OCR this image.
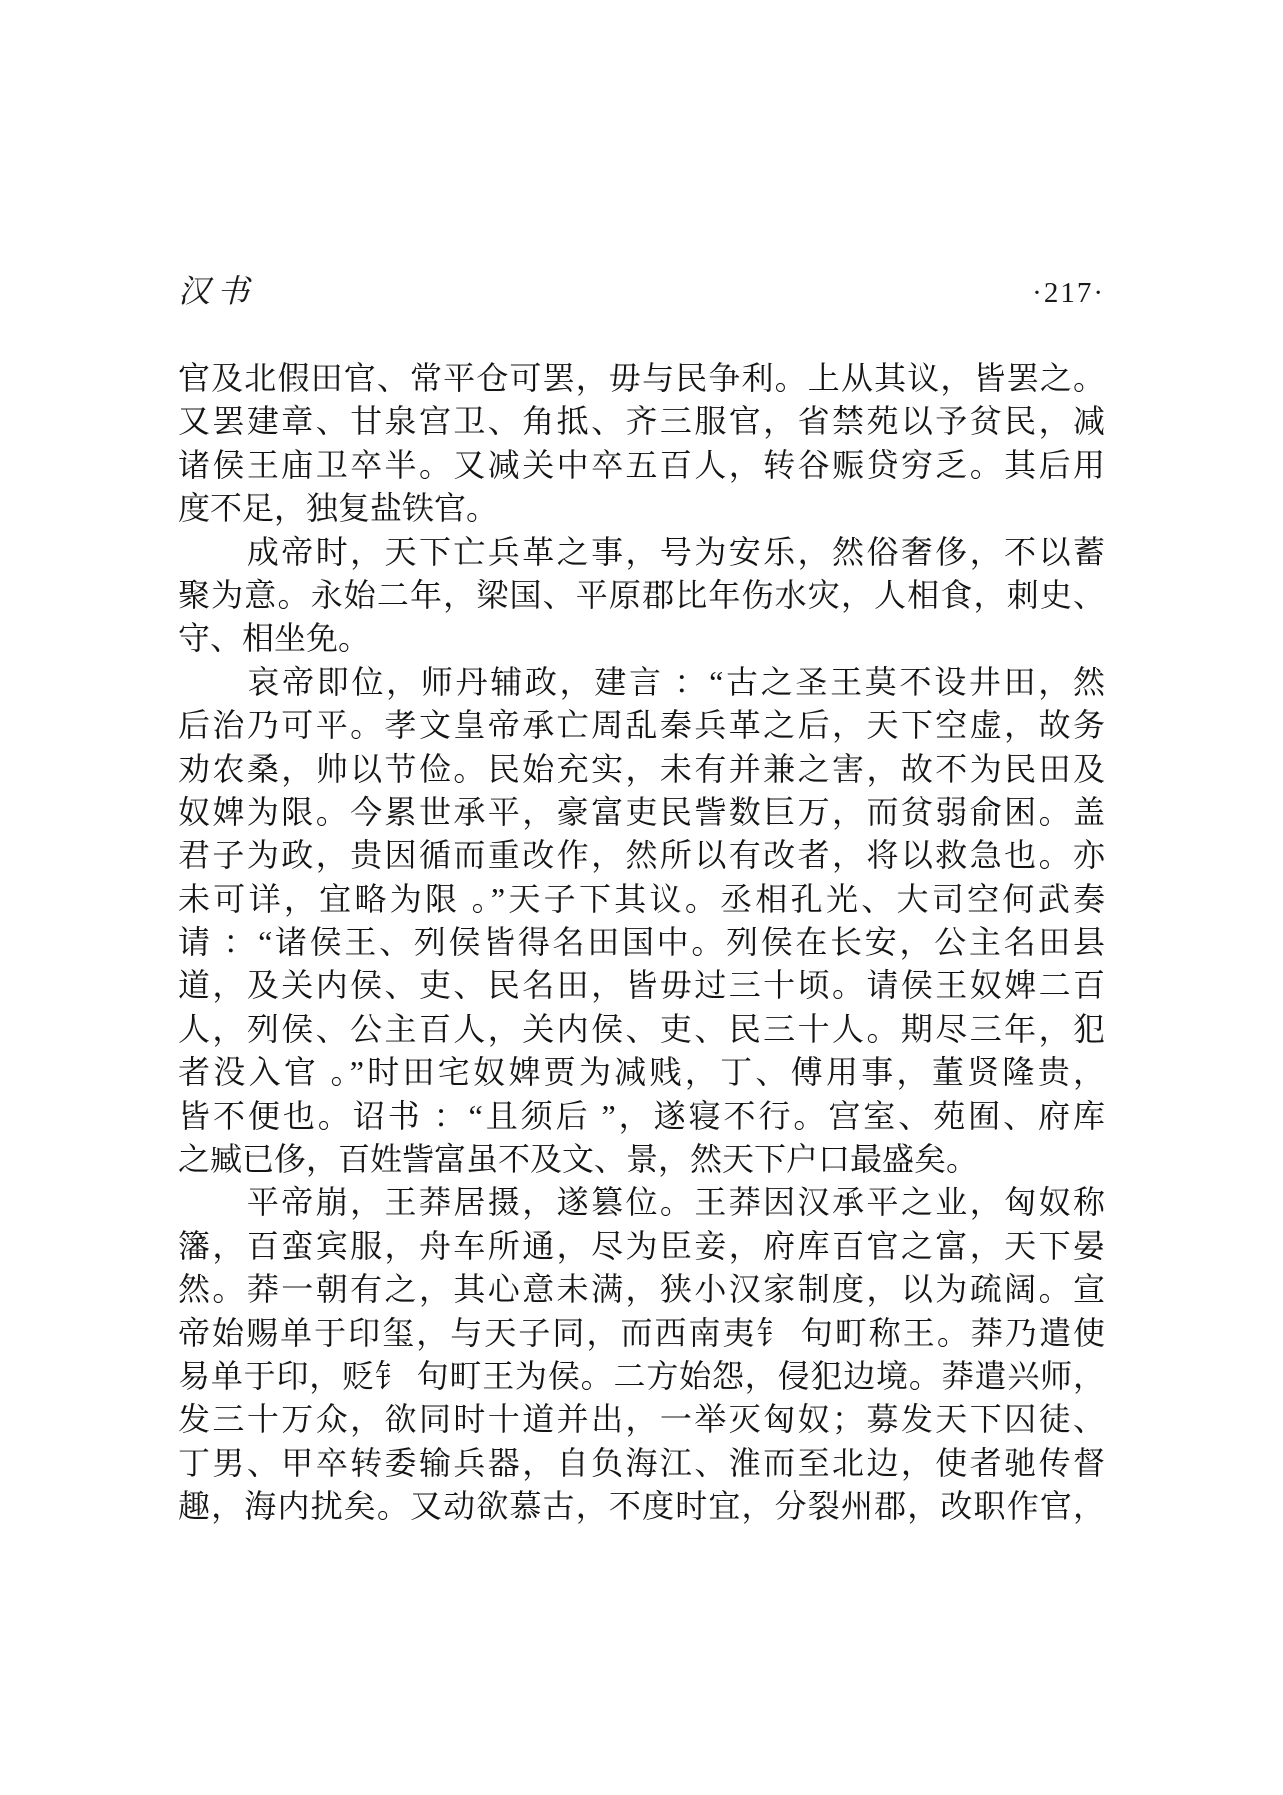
汉书	·217·
官及北假田官、常平仓可罢，毋与民争利。上从其议，皆罢之。
又罢建章、甘泉宫卫、角抵、齐三服官，省禁苑以予贫民，减
诸侯王庙卫卒半。又减关中卒五百人，转谷赈贷穷乏。其后用
度不足，独复盐铁官。
　　成帝时，天下亡兵革之事，号为安乐，然俗奢侈，不以蓄
聚为意。永始二年，梁国、平原郡比年伤水灾，人相食，刺史、
守、相坐免。
　　哀帝即位，师丹辅政，建言 ：“古之圣王莫不设井田，然
后治乃可平。孝文皇帝承亡周乱秦兵革之后，天下空虚，故务
劝农桑，帅以节俭。民始充实，未有并兼之害，故不为民田及
奴婢为限。今累世承平，豪富吏民訾数巨万，而贫弱俞困。盖
君子为政，贵因循而重改作，然所以有改者，将以救急也。亦
未可详，宜略为限 。”天子下其议。丞相孔光、大司空何武奏
请 ：“诸侯王、列侯皆得名田国中。列侯在长安，公主名田县
道，及关内侯、吏、民名田，皆毋过三十顷。请侯王奴婢二百
人，列侯、公主百人，关内侯、吏、民三十人。期尽三年，犯
者没入官 。”时田宅奴婢贾为减贱，丁、傅用事，董贤隆贵，
皆不便也。诏书 ：“且须后 ”，遂寝不行。宫室、苑囿、府库
之臧已侈，百姓訾富虽不及文、景，然天下户口最盛矣。
　　平帝崩，王莽居摄，遂篡位。王莽因汉承平之业，匈奴称
籓，百蛮宾服，舟车所通，尽为臣妾，府库百官之富，天下晏
然。莽一朝有之，其心意未满，狭小汉家制度，以为疏阔。宣
帝始赐单于印玺，与天子同，而西南夷钅 句町称王。莽乃遣使
易单于印，贬钅 句町王为侯。二方始怨，侵犯边境。莽遣兴师，
发三十万众，欲同时十道并出，一举灭匈奴；募发天下囚徒、
丁男、甲卒转委输兵器，自负海江、淮而至北边，使者驰传督
趣，海内扰矣。又动欲慕古，不度时宜，分裂州郡，改职作官，
